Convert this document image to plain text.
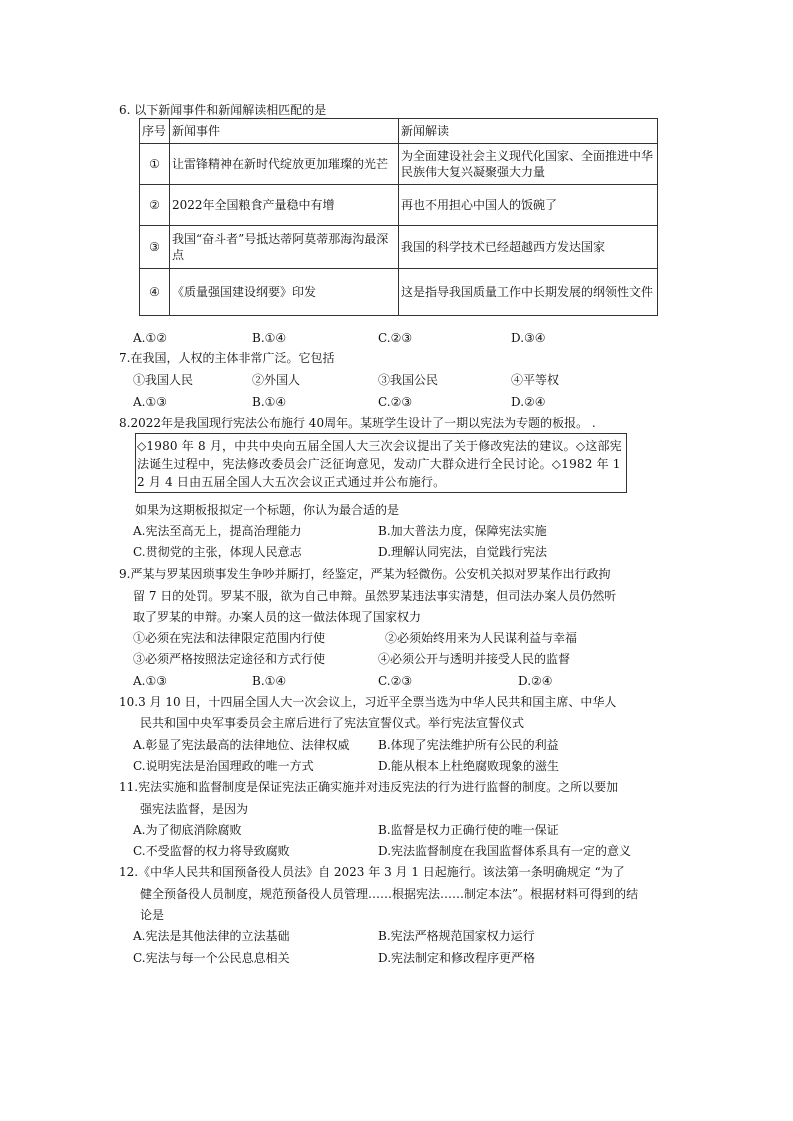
6. 以下新闻事件和新闻解读相匹配的是
序号	新闻事件	新闻解读
①	让雷锋精神在新时代绽放更加璀璨的光芒	为全面建设社会主义现代化国家、全面推进中华民族伟大复兴凝聚强大力量
②	2022年全国粮食产量稳中有增	再也不用担心中国人的饭碗了
③	我国“奋斗者”号抵达蒂阿莫蒂那海沟最深点	我国的科学技术已经超越西方发达国家
④	《质量强国建设纲要》印发	这是指导我国质量工作中长期发展的纲领性文件
A.①②	B.①④	C.②③	D.③④
7.在我国，人权的主体非常广泛。它包括
①我国人民	②外国人	③我国公民	④平等权
A.①③	B.①④	C.②③	D.②④
8.2022年是我国现行宪法公布施行 40周年。某班学生设计了一期以宪法为专题的板报。 .
◇1980 年 8 月，中共中央向五届全国人大三次会议提出了关于修改宪法的建议。◇这部宪法诞生过程中，宪法修改委员会广泛征询意见，发动广大群众进行全民讨论。◇1982 年 12 月 4 日由五届全国人大五次会议正式通过并公布施行。
如果为这期板报拟定一个标题，你认为最合适的是
A.宪法至高无上，提高治理能力	B.加大普法力度，保障宪法实施
C.贯彻党的主张，体现人民意志	D.理解认同宪法，自觉践行宪法
9.严某与罗某因琐事发生争吵并厮打，经鉴定，严某为轻微伤。公安机关拟对罗某作出行政拘
留 7 日的处罚。罗某不服，欲为自己申辩。虽然罗某违法事实清楚，但司法办案人员仍然听
取了罗某的申辩。办案人员的这一做法体现了国家权力
①必须在宪法和法律限定范围内行使	②必须始终用来为人民谋利益与幸福
③必须严格按照法定途径和方式行使	④必须公开与透明并接受人民的监督
A.①③	B.①④	C.②③	D.②④
10.3 月 10 日，十四届全国人大一次会议上，习近平全票当选为中华人民共和国主席、中华人
民共和国中央军事委员会主席后进行了宪法宣誓仪式。举行宪法宣誓仪式
A.彰显了宪法最高的法律地位、法律权威 B.体现了宪法维护所有公民的利益
C.说明宪法是治国理政的唯一方式	D.能从根本上杜绝腐败现象的滋生
11.宪法实施和监督制度是保证宪法正确实施并对违反宪法的行为进行监督的制度。之所以要加
强宪法监督，是因为
A.为了彻底消除腐败	B.监督是权力正确行使的唯一保证
C.不受监督的权力将导致腐败	D.宪法监督制度在我国监督体系具有一定的意义
12.《中华人民共和国预备役人员法》自 2023 年 3 月 1 日起施行。该法第一条明确规定 “为了
健全预备役人员制度，规范预备役人员管理……根据宪法……制定本法”。根据材料可得到的结
论是
A.宪法是其他法律的立法基础	B.宪法严格规范国家权力运行
C.宪法与每一个公民息息相关	D.宪法制定和修改程序更严格
